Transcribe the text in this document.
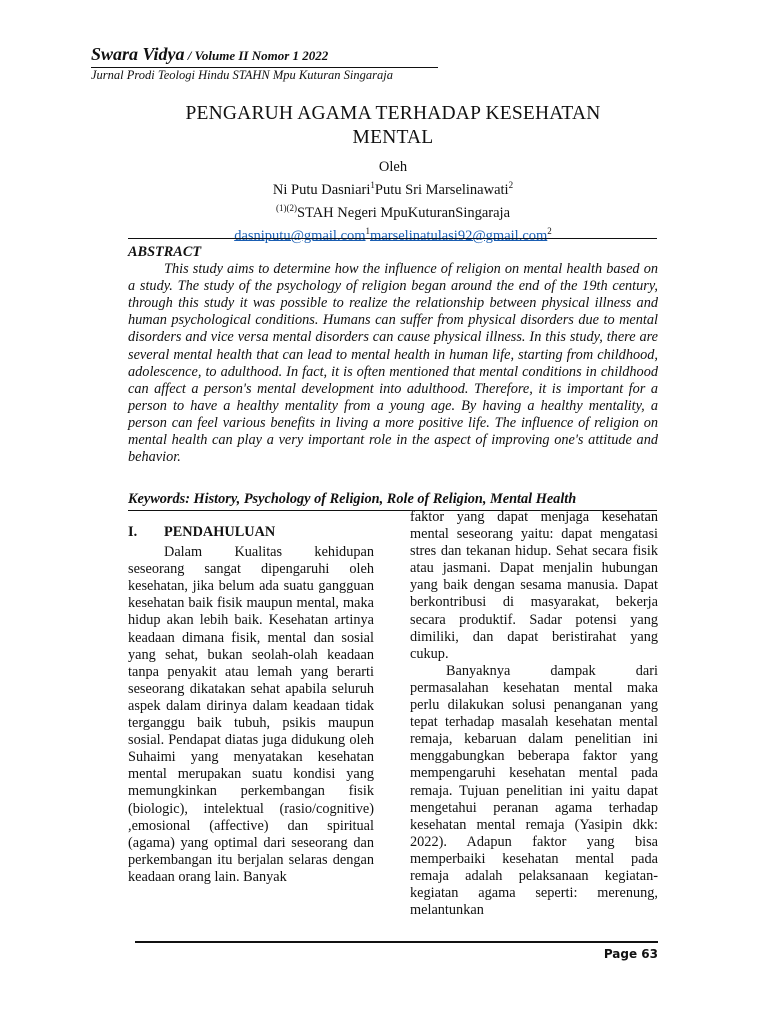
Swara Vidya / Volume II Nomor 1 2022
Jurnal Prodi Teologi Hindu STAHN Mpu Kuturan Singaraja
PENGARUH AGAMA TERHADAP KESEHATAN
MENTAL
Oleh
Ni Putu Dasniari$^1$Putu Sri Marselinawati$^2$
$^{(1)(2)}$STAH Negeri MpuKuturanSingaraja
dasniputu@gmail.com$^1$marselinatulasi92@gmail.com$^2$
ABSTRACT
This study aims to determine how the influence of religion on mental health based on a study. The study of the psychology of religion began around the end of the 19th century, through this study it was possible to realize the relationship between physical illness and human psychological conditions. Humans can suffer from physical disorders due to mental disorders and vice versa mental disorders can cause physical illness. In this study, there are several mental health that can lead to mental health in human life, starting from childhood, adolescence, to adulthood. In fact, it is often mentioned that mental conditions in childhood can affect a person's mental development into adulthood. Therefore, it is important for a person to have a healthy mentality from a young age. By having a healthy mentality, a person can feel various benefits in living a more positive life. The influence of religion on mental health can play a very important role in the aspect of improving one's attitude and behavior.
Keywords: History, Psychology of Religion, Role of Religion, Mental Health
I. PENDAHULUAN

Dalam Kualitas kehidupan seseorang sangat dipengaruhi oleh kesehatan, jika belum ada suatu gangguan kesehatan baik fisik maupun mental, maka hidup akan lebih baik. Kesehatan artinya keadaan dimana fisik, mental dan sosial yang sehat, bukan seolah-olah keadaan tanpa penyakit atau lemah yang berarti seseorang dikatakan sehat apabila seluruh aspek dalam dirinya dalam keadaan tidak terganggu baik tubuh, psikis maupun sosial. Pendapat diatas juga didukung oleh Suhaimi yang menyatakan kesehatan mental merupakan suatu kondisi yang memungkinkan perkembangan fisik (biologic), intelektual (rasio/cognitive) ,emosional (affective) dan spiritual (agama) yang optimal dari seseorang dan perkembangan itu berjalan selaras dengan keadaan orang lain. Banyak

faktor yang dapat menjaga kesehatan mental seseorang yaitu: dapat mengatasi stres dan tekanan hidup. Sehat secara fisik atau jasmani. Dapat menjalin hubungan yang baik dengan sesama manusia. Dapat berkontribusi di masyarakat, bekerja secara produktif. Sadar potensi yang dimiliki, dan dapat beristirahat yang cukup.

Banyaknya dampak dari permasalahan kesehatan mental maka perlu dilakukan solusi penanganan yang tepat terhadap masalah kesehatan mental remaja, kebaruan dalam penelitian ini menggabungkan beberapa faktor yang mempengaruhi kesehatan mental pada remaja. Tujuan penelitian ini yaitu dapat mengetahui peranan agama terhadap kesehatan mental remaja (Yasipin dkk: 2022). Adapun faktor yang bisa memperbaiki kesehatan mental pada remaja adalah pelaksanaan kegiatan-kegiatan agama seperti: merenung, melantunkan

Page 63
